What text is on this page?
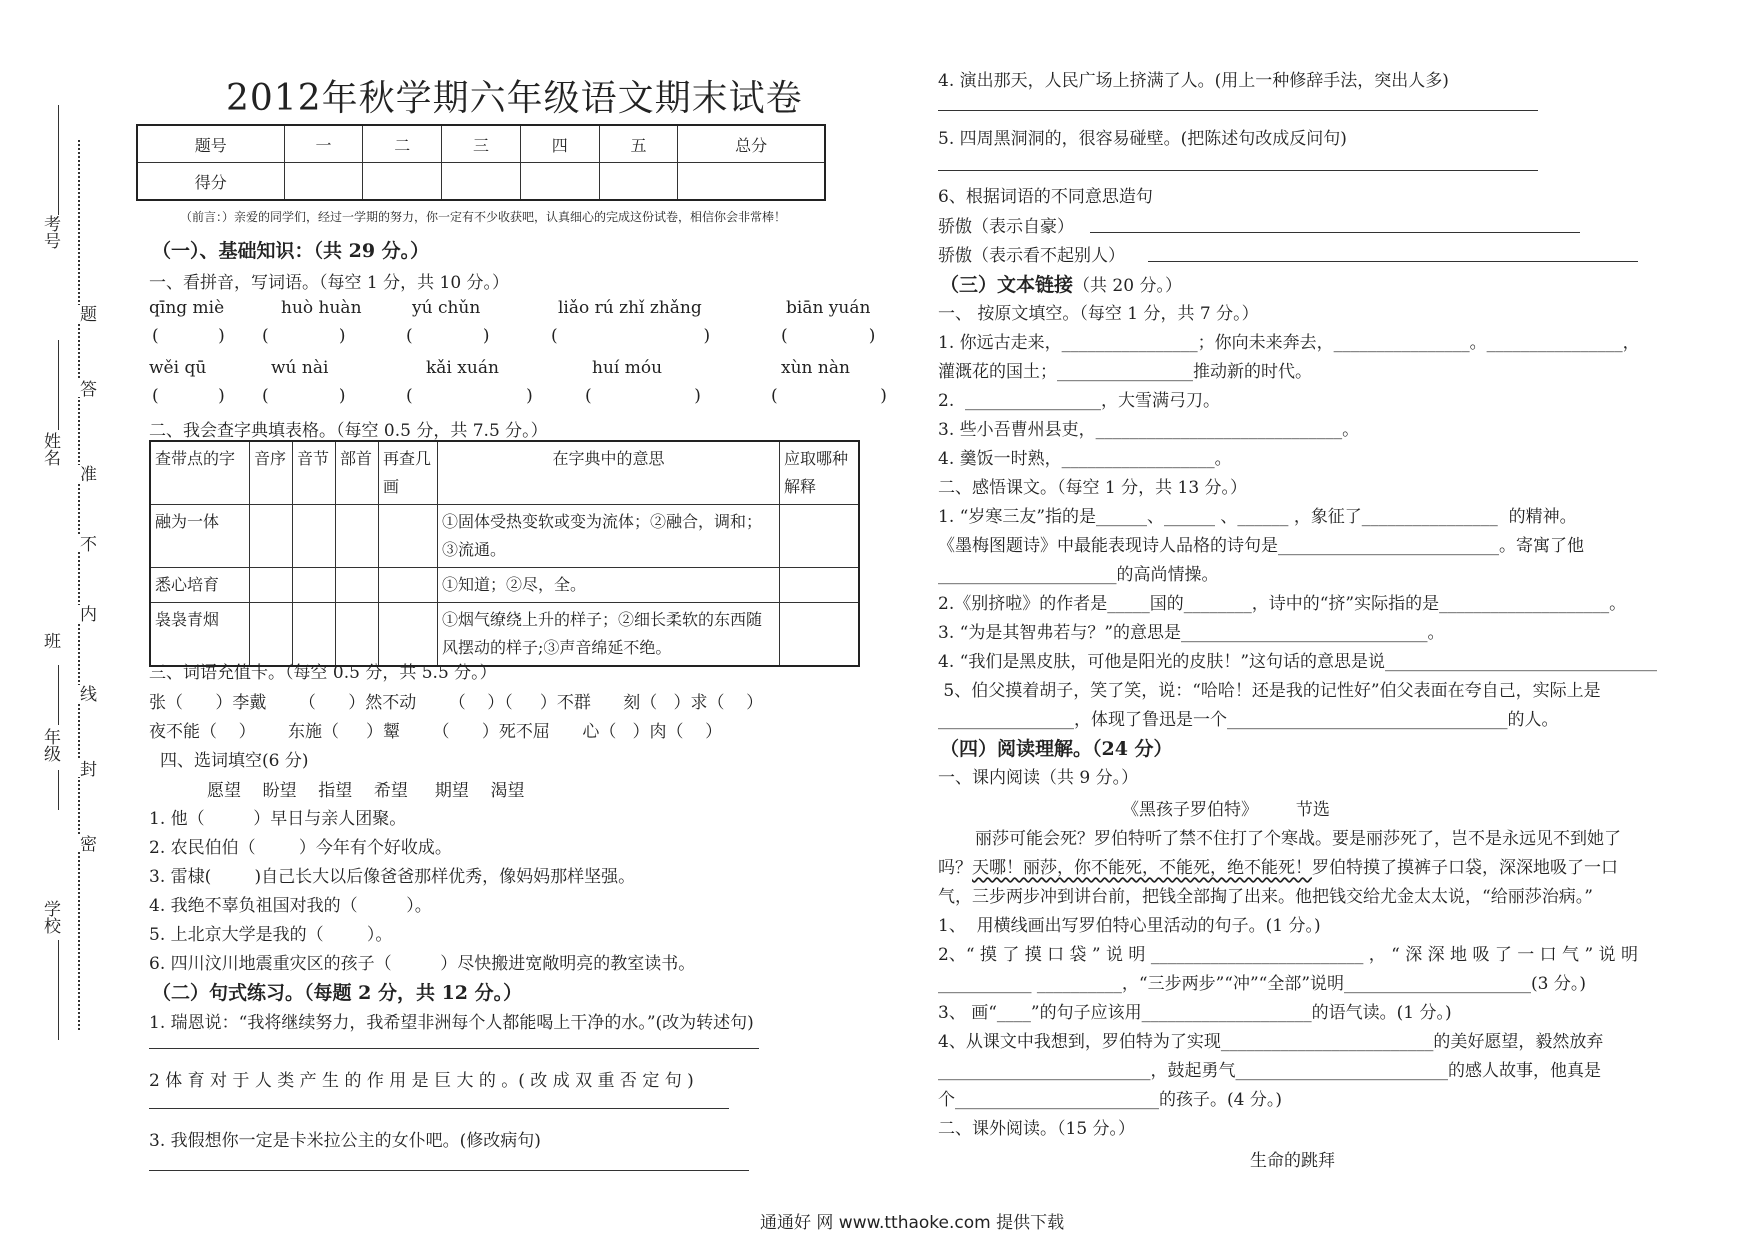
考号
姓名
班
年级
学校
题
答
准
不
内
线
封
密
2012年秋学期六年级语文期末试卷
题号	一	二	三	四	五	总分
得分						
（前言：）亲爱的同学们，经过一学期的努力，你一定有不少收获吧，认真细心的完成这份试卷，相信你会非常棒！
（一）、基础知识：（共 29 分。）
一、看拼音，写词语。（每空 1 分，共 10 分。）
qīng miè	huò huàn	yú chǔn	liǎo rú zhǐ zhǎng	biān yuán
(           ) (             )	(             )	(                           )	(               )
wěi qū	wú nài	kǎi xuán	huí móu	xùn nàn
(           ) (             )	(                     )	(                   )	(                   )
二、我会查字典填表格。（每空 0.5 分，共 7.5 分。）
查带点的字	音序	音节	部首	再查几画	在字典中的意思	应取哪种解释
融为一体					①固体受热变软或变为流体；②融合，调和；③流通。	
悉心培育					①知道；②尽，全。	
袅袅青烟					①烟气缭绕上升的样子；②细长柔软的东西随风摆动的样子;③声音绵延不绝。	
三、词语充值卡。（每空 0.5 分，共 5.5 分。）
张（      ）李戴      （      ）然不动      （    ）（     ）不群      刻（   ）求（    ）
夜不能（    ）      东施（     ）颦      （      ）死不屈      心（   ）肉（    ）
四、选词填空(6 分)
愿望    盼望    指望    希望     期望    渴望
1. 他（         ）早日与亲人团聚。
2. 农民伯伯（        ）今年有个好收成。
3. 雷棣(        )自己长大以后像爸爸那样优秀，像妈妈那样坚强。
4. 我绝不辜负祖国对我的（         ）。
5. 上北京大学是我的（        ）。
6. 四川汶川地震重灾区的孩子（         ）尽快搬进宽敞明亮的教室读书。
（二）句式练习。（每题 2 分，共 12 分。）
1. 瑞恩说：“我将继续努力，我希望非洲每个人都能喝上干净的水。”(改为转述句)
2 体 育 对 于 人 类 产 生 的 作 用 是 巨 大 的 。( 改 成 双 重 否 定 句 )
3. 我假想你一定是卡米拉公主的女仆吧。(修改病句)
4. 演出那天，人民广场上挤满了人。(用上一种修辞手法，突出人多)
5. 四周黑洞洞的，很容易碰壁。(把陈述句改成反问句)
6、根据词语的不同意思造句
骄傲（表示自豪）
骄傲（表示看不起别人）
（三）文本链接（共 20 分。）
一、 按原文填空。（每空 1 分，共 7 分。）
1. 你远古走来，________________；你向未来奔去，________________。________________，
灌溉花的国土；________________推动新的时代。
2.  ________________，大雪满弓刀。
3. 些小吾曹州县吏，_____________________________。
4. 羹饭一时熟，__________________。
二、感悟课文。（每空 1 分，共 13 分。）
1. “岁寒三友”指的是______、______ 、______ ，象征了________________  的精神。
《墨梅图题诗》中最能表现诗人品格的诗句是__________________________。寄寓了他
_____________________的高尚情操。
2.《别挤啦》的作者是_____国的________，诗中的“挤”实际指的是____________________。
3. “为是其智弗若与？”的意思是_____________________________。
4. “我们是黑皮肤，可他是阳光的皮肤！”这句话的意思是说________________________________
5、伯父摸着胡子，笑了笑，说：“哈哈！还是我的记性好”伯父表面在夸自己，实际上是
________________，体现了鲁迅是一个_________________________________的人。
（四）阅读理解。（24 分）
一、课内阅读（共 9 分。）
《黑孩子罗伯特》       节选
丽莎可能会死？罗伯特听了禁不住打了个寒战。要是丽莎死了，岂不是永远见不到她了
吗？天哪！丽莎，你不能死，不能死，绝不能死！罗伯特摸了摸裤子口袋，深深地吸了一口
气，三步两步冲到讲台前，把钱全部掏了出来。他把钱交给尤金太太说，“给丽莎治病。”
1、  用横线画出写罗伯特心里活动的句子。(1 分。)
2、“ 摸 了 摸 口 袋 ” 说 明 _________________________ ， “ 深 深 地 吸 了 一 口 气 ” 说 明
___________ __________，“三步两步”“冲”“全部”说明______________________(3 分。)
3、 画“____”的句子应该用____________________的语气读。(1 分。)
4、从课文中我想到，罗伯特为了实现_________________________的美好愿望，毅然放弃
_________________________，鼓起勇气_________________________的感人故事，他真是
个________________________的孩子。(4 分。)
二、课外阅读。（15 分。）
生命的跳拜
通通好 网 www.tthaoke.com 提供下载
